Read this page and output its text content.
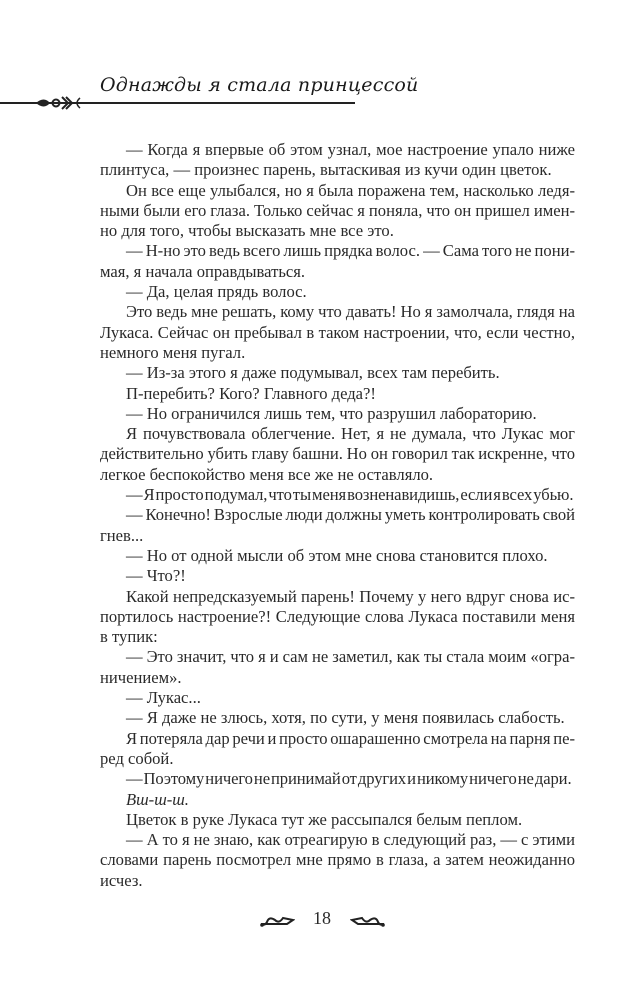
Однажды я стала принцессой
— Когда я впервые об этом узнал, мое настроение упало ниже
плинтуса, — произнес парень, вытаскивая из кучи один цветок.
Он все еще улыбался, но я была поражена тем, насколько ледя-
ными были его глаза. Только сейчас я поняла, что он пришел имен-
но для того, чтобы высказать мне все это.
— Н-но это ведь всего лишь прядка волос. — Сама того не пони-
мая, я начала оправдываться.
— Да, целая прядь волос.
Это ведь мне решать, кому что давать! Но я замолчала, глядя на
Лукаса. Сейчас он пребывал в таком настроении, что, если честно,
немного меня пугал.
— Из-за этого я даже подумывал, всех там перебить.
П-перебить? Кого? Главного деда?!
— Но ограничился лишь тем, что разрушил лабораторию.
Я почувствовала облегчение. Нет, я не думала, что Лукас мог
действительно убить главу башни. Но он говорил так искренне, что
легкое беспокойство меня все же не оставляло.
— Я просто подумал, что ты меня возненавидишь, если я всех убью.
— Конечно! Взрослые люди должны уметь контролировать свой
гнев...
— Но от одной мысли об этом мне снова становится плохо.
— Что?!
Какой непредсказуемый парень! Почему у него вдруг снова ис-
портилось настроение?! Следующие слова Лукаса поставили меня
в тупик:
— Это значит, что я и сам не заметил, как ты стала моим «огра-
ничением».
— Лукас...
— Я даже не злюсь, хотя, по сути, у меня появилась слабость.
Я потеряла дар речи и просто ошарашенно смотрела на парня пе-
ред собой.
— Поэтому ничего не принимай от других и никому ничего не дари.
Вш-ш-ш.
Цветок в руке Лукаса тут же рассыпался белым пеплом.
— А то я не знаю, как отреагирую в следующий раз, — с этими
словами парень посмотрел мне прямо в глаза, а затем неожиданно
исчез.
18
